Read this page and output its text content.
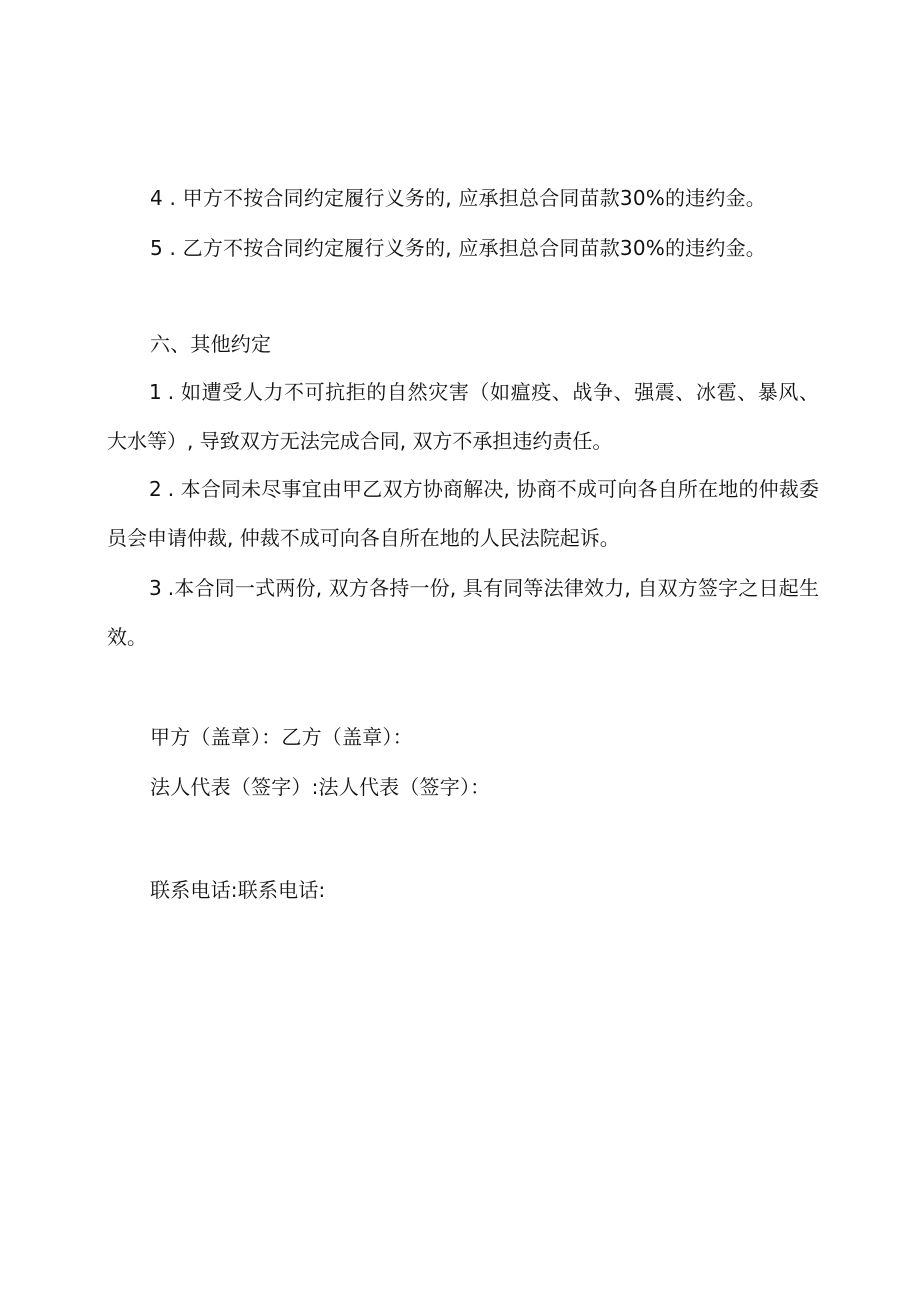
4 . 甲方不按合同约定履行义务的, 应承担总合同苗款30%的违约金。
5 . 乙方不按合同约定履行义务的, 应承担总合同苗款30%的违约金。
六、其他约定
1 . 如遭受人力不可抗拒的自然灾害（如瘟疫、战争、强震、冰雹、暴风、大水等）, 导致双方无法完成合同, 双方不承担违约责任。
2 . 本合同未尽事宜由甲乙双方协商解决, 协商不成可向各自所在地的仲裁委员会申请仲裁, 仲裁不成可向各自所在地的人民法院起诉。
3 .本合同一式两份, 双方各持一份, 具有同等法律效力, 自双方签字之日起生效。
甲方（盖章）：乙方（盖章）：
法人代表（签字）:法人代表（签字）：
联系电话:联系电话:
